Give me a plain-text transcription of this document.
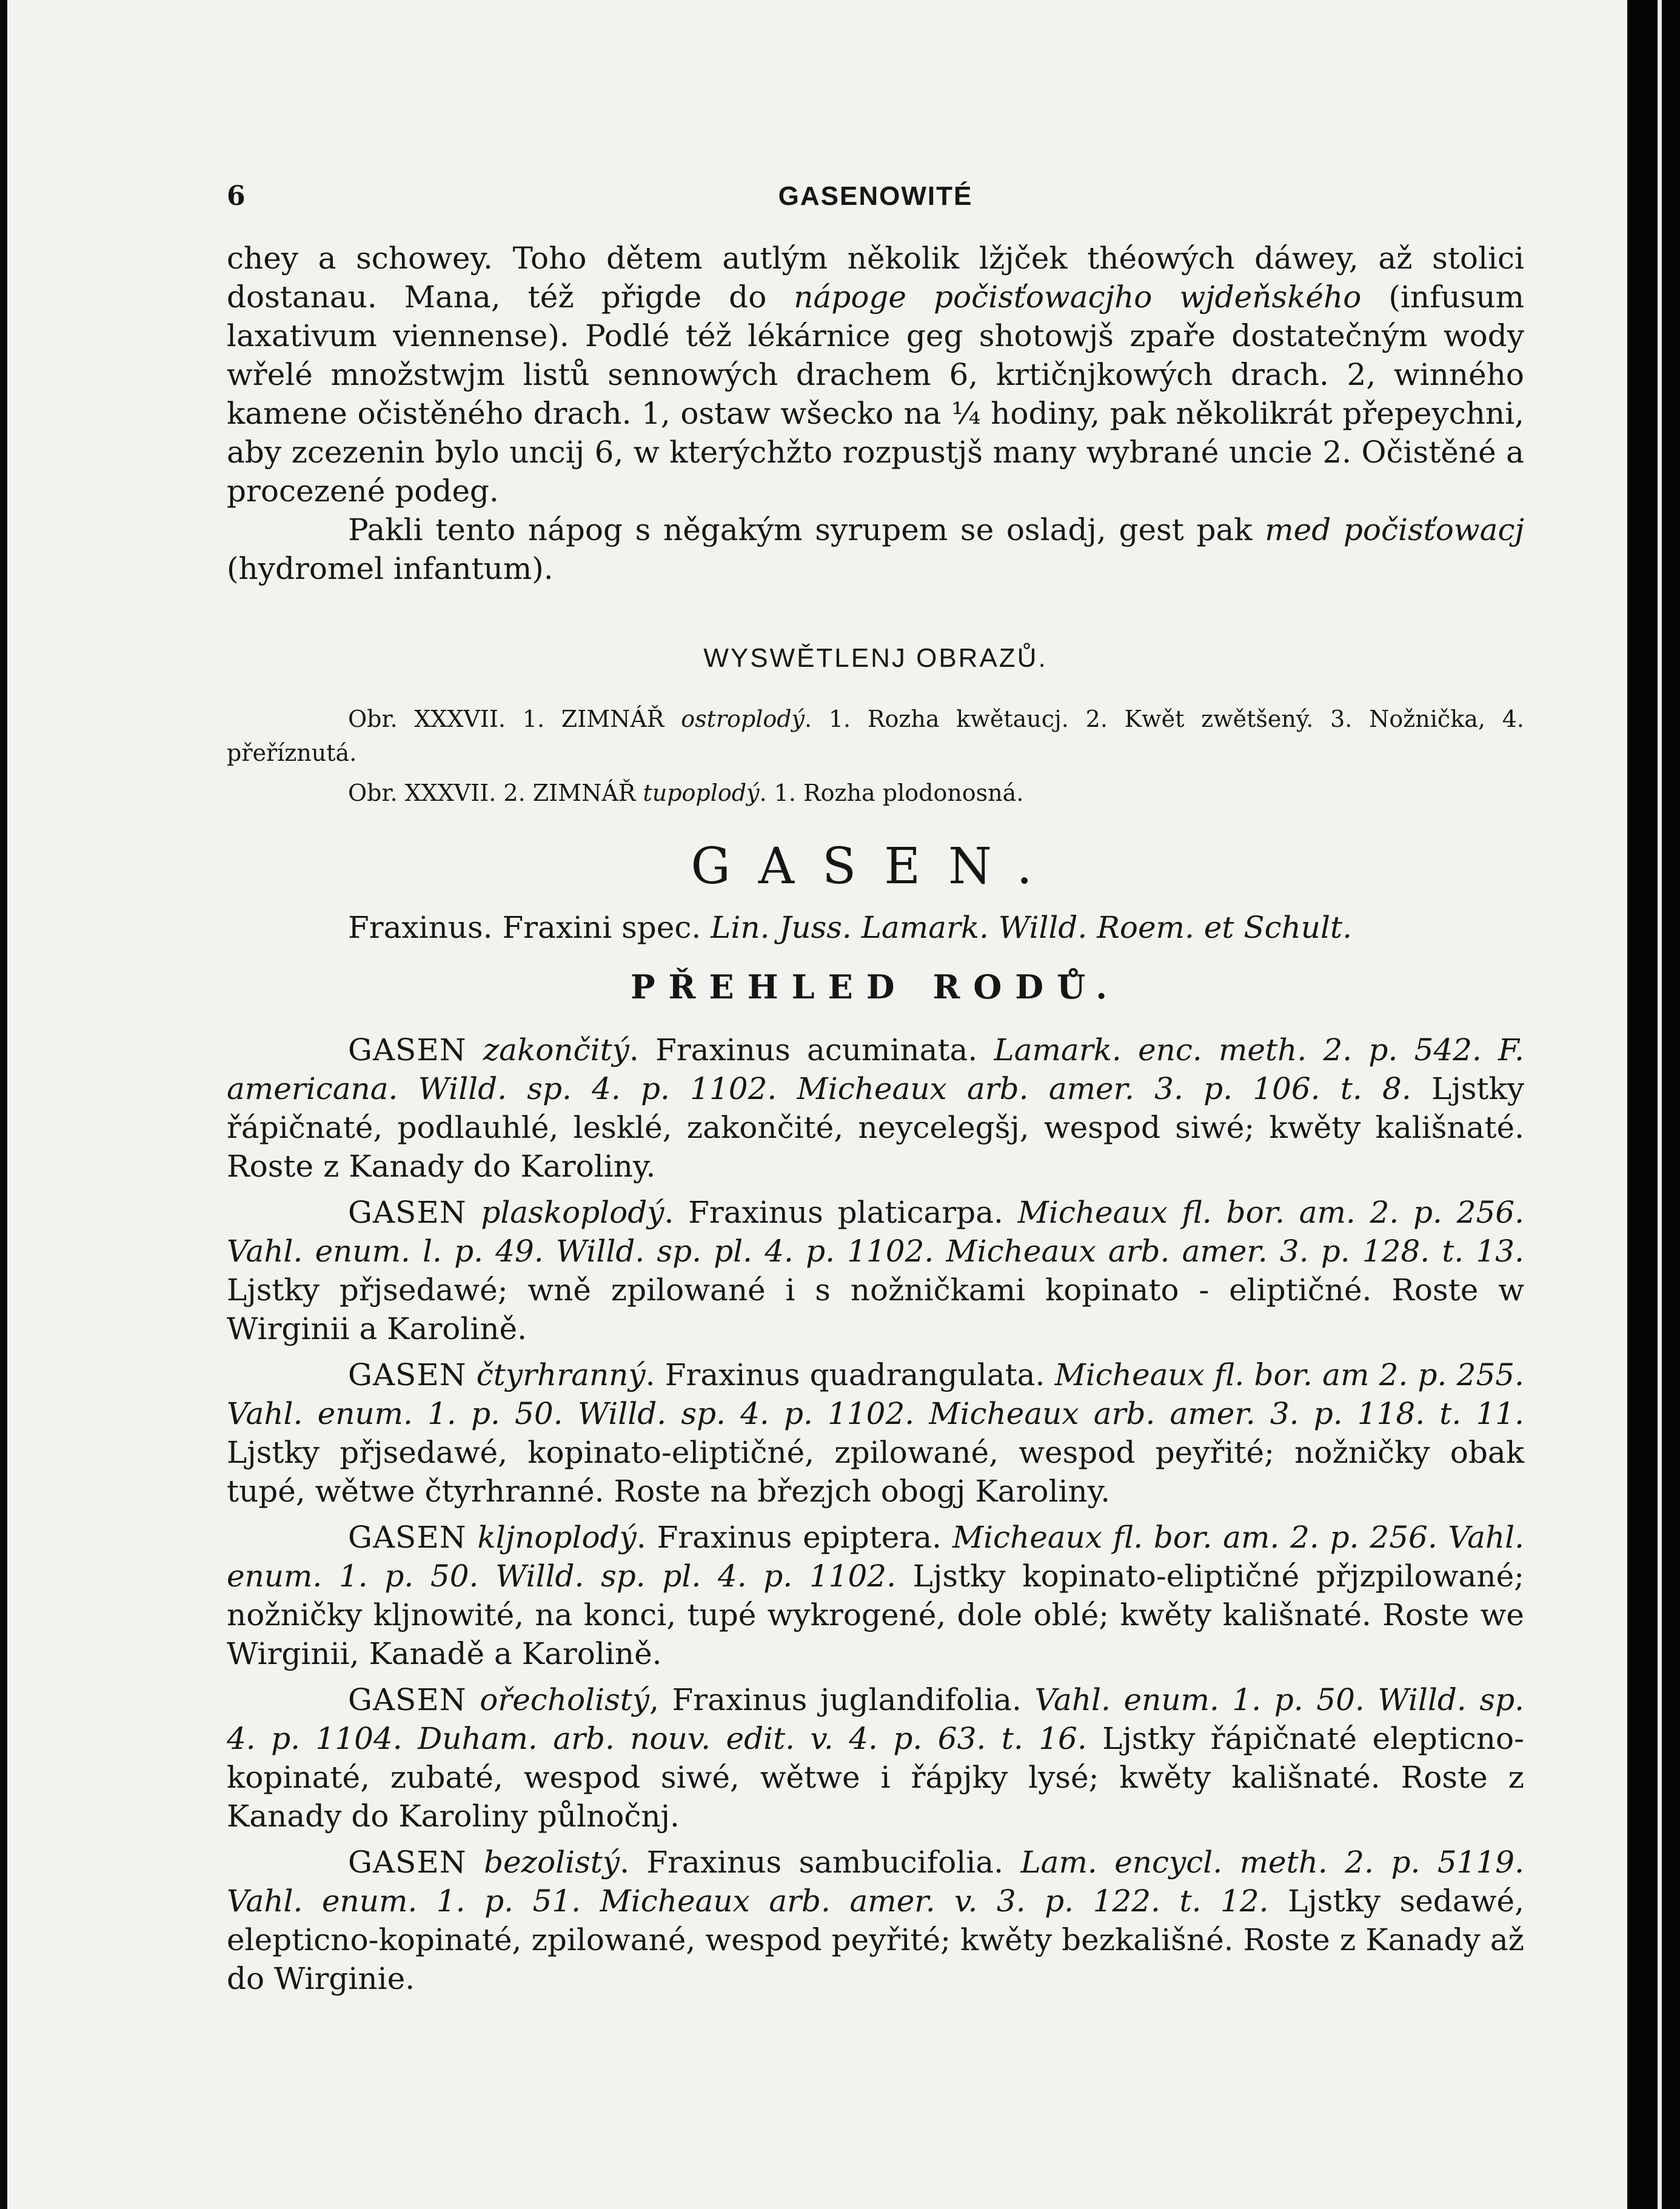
6	GASENOWITÉ

chey a schowey. Toho dětem autlým několik lžjček théowých dáwey, až stolici dostanau. Mana, též přigde do nápoge počisťowacjho wjdeňského (infusum laxativum viennense). Podlé též lékárnice geg shotowjš zpaře dostatečným wody wřelé množstwjm listů sennowých drachem 6, krtičnjkowých drach. 2, winného kamene očistěného drach. 1, ostaw wšecko na ¼ hodiny, pak několikrát přepeychni, aby zcezenin bylo uncij 6, w kterýchžto rozpustjš many wybrané uncie 2. Očistěné a procezené podeg.

Pakli tento nápog s něgakým syrupem se osladj, gest pak med počisťowacj (hydromel infantum).

WYSWĚTLENJ OBRAZŮ.

Obr. XXXVII. 1. ZIMNÁŘ ostroplodý. 1. Rozha kwětaucj. 2. Kwět zwětšený. 3. Nožnička, 4. přeříznutá.

Obr. XXXVII. 2. ZIMNÁŘ tupoplodý. 1. Rozha plodonosná.

GASEN.

Fraxinus. Fraxini spec. Lin. Juss. Lamark. Willd. Roem. et Schult.

PŘEHLED RODŮ.

GASEN zakončitý. Fraxinus acuminata. Lamark. enc. meth. 2. p. 542. F. americana. Willd. sp. 4. p. 1102. Micheaux arb. amer. 3. p. 106. t. 8. Ljstky řápičnaté, podlauhlé, lesklé, zakončité, neycelegšj, wespod siwé; kwěty kališnaté. Roste z Kanady do Karoliny.

GASEN plaskoplodý. Fraxinus platicarpa. Micheaux fl. bor. am. 2. p. 256. Vahl. enum. l. p. 49. Willd. sp. pl. 4. p. 1102. Micheaux arb. amer. 3. p. 128. t. 13. Ljstky přjsedawé; wně zpilowané i s nožničkami kopinato - eliptičné. Roste w Wirginii a Karolině.

GASEN čtyrhranný. Fraxinus quadrangulata. Micheaux fl. bor. am 2. p. 255. Vahl. enum. 1. p. 50. Willd. sp. 4. p. 1102. Micheaux arb. amer. 3. p. 118. t. 11. Ljstky přjsedawé, kopinato-eliptičné, zpilowané, wespod peyřité; nožničky obak tupé, wětwe čtyrhranné. Roste na březjch obogj Karoliny.

GASEN klјnoplodý. Fraxinus epiptera. Micheaux fl. bor. am. 2. p. 256. Vahl. enum. 1. p. 50. Willd. sp. pl. 4. p. 1102. Ljstky kopinato-eliptičné přjzpilowané; nožničky kljnowité, na konci, tupé wykrogené, dole oblé; kwěty kališnaté. Roste we Wirginii, Kanadě a Karolině.

GASEN ořecholistý, Fraxinus juglandifolia. Vahl. enum. 1. p. 50. Willd. sp. 4. p. 1104. Duham. arb. nouv. edit. v. 4. p. 63. t. 16. Ljstky řápičnaté elepticno-kopinaté, zubaté, wespod siwé, wětwe i řápjky lysé; kwěty kališnaté. Roste z Kanady do Karoliny půlnočnj.

GASEN bezolistý. Fraxinus sambucifolia. Lam. encycl. meth. 2. p. 5119. Vahl. enum. 1. p. 51. Micheaux arb. amer. v. 3. p. 122. t. 12. Ljstky sedawé, elepticno-kopinaté, zpilowané, wespod peyřité; kwěty bezkališné. Roste z Kanady až do Wirginie.
